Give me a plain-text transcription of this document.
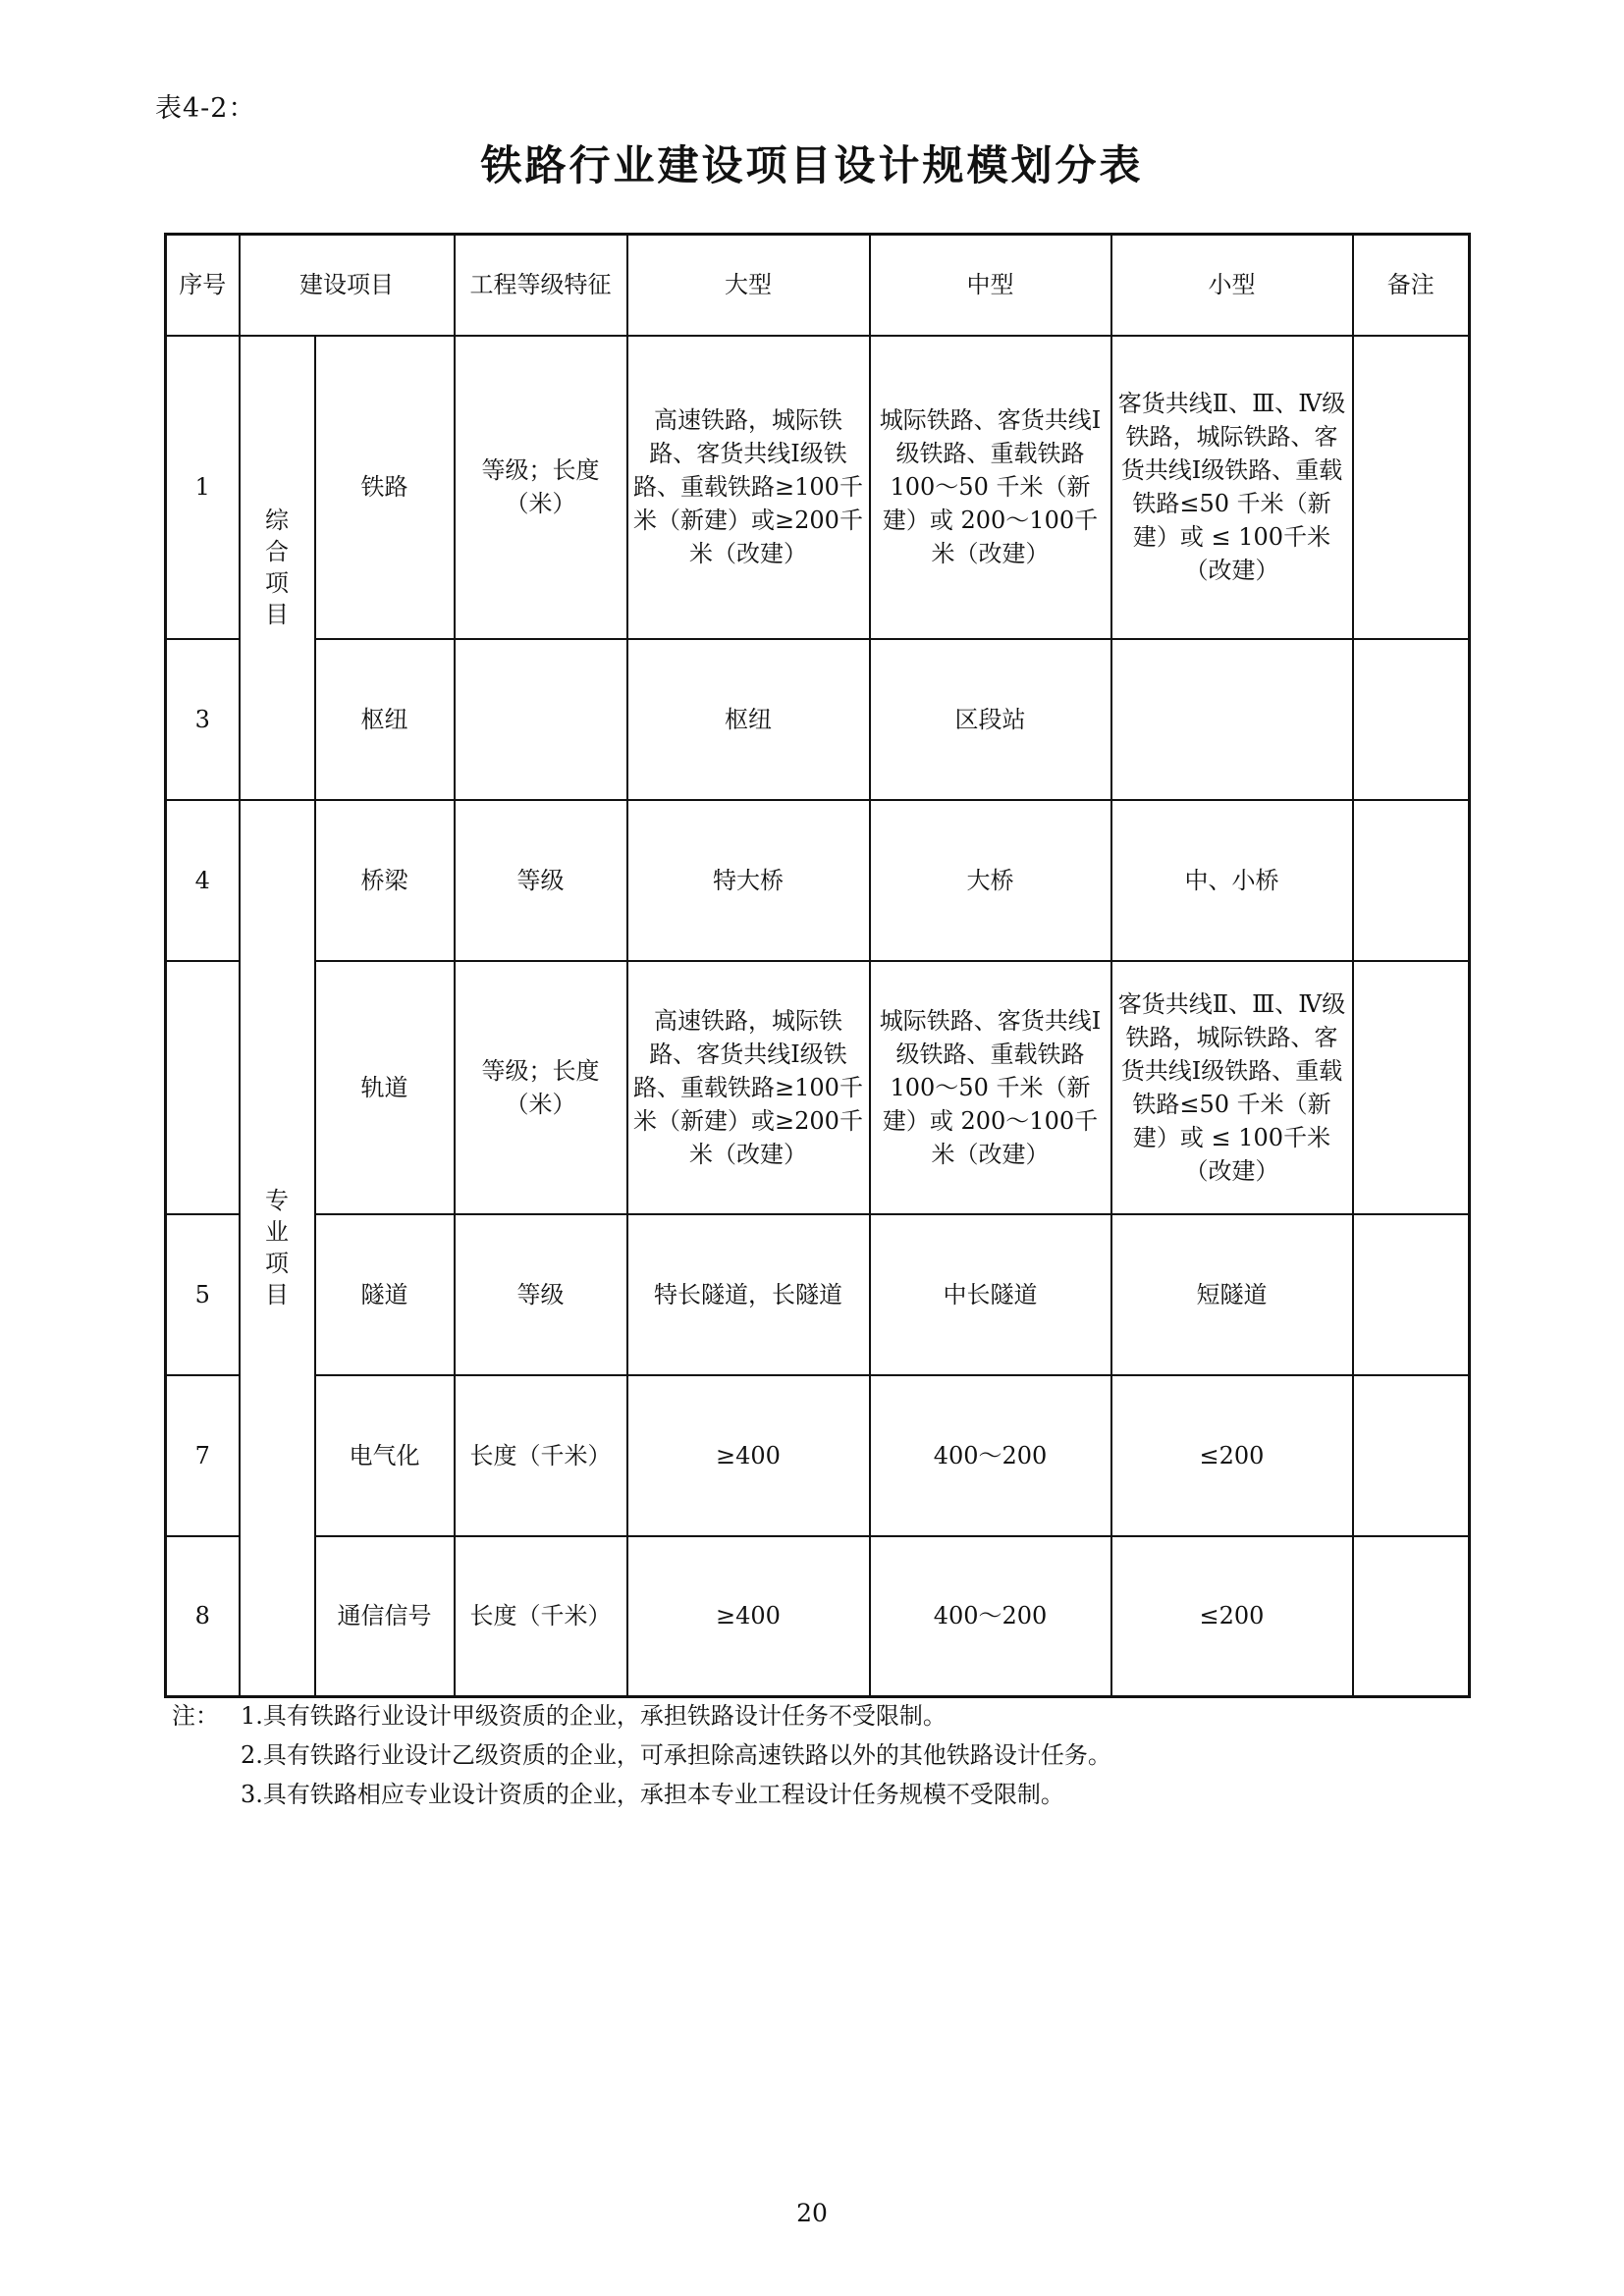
表4-2：
铁路行业建设项目设计规模划分表
序号	建设项目		工程等级特征	大型	中型	小型	备注
1	综合项目	铁路	等级；长度（米）	高速铁路，城际铁路、客货共线Ⅰ级铁路、重载铁路≥100千米（新建）或≥200千米（改建）	城际铁路、客货共线Ⅰ级铁路、重载铁路100～50 千米（新建）或 200～100千米（改建）	客货共线Ⅱ、Ⅲ、Ⅳ级铁路，城际铁路、客货共线Ⅰ级铁路、重载铁路≤50 千米（新建）或 ≤ 100千米（改建）	
3		枢纽		枢纽	区段站		
4	专业项目	桥梁	等级	特大桥	大桥	中、小桥	
		轨道	等级；长度（米）	高速铁路，城际铁路、客货共线Ⅰ级铁路、重载铁路≥100千米（新建）或≥200千米（改建）	城际铁路、客货共线Ⅰ级铁路、重载铁路100～50 千米（新建）或 200～100千米（改建）	客货共线Ⅱ、Ⅲ、Ⅳ级铁路，城际铁路、客货共线Ⅰ级铁路、重载铁路≤50 千米（新建）或 ≤ 100千米（改建）	
5		隧道	等级	特长隧道，长隧道	中长隧道	短隧道	
7		电气化	长度（千米）	≥400	400～200	≤200	
8		通信信号	长度（千米）	≥400	400～200	≤200	
注： 1.具有铁路行业设计甲级资质的企业，承担铁路设计任务不受限制。
2.具有铁路行业设计乙级资质的企业，可承担除高速铁路以外的其他铁路设计任务。
3.具有铁路相应专业设计资质的企业，承担本专业工程设计任务规模不受限制。
20
